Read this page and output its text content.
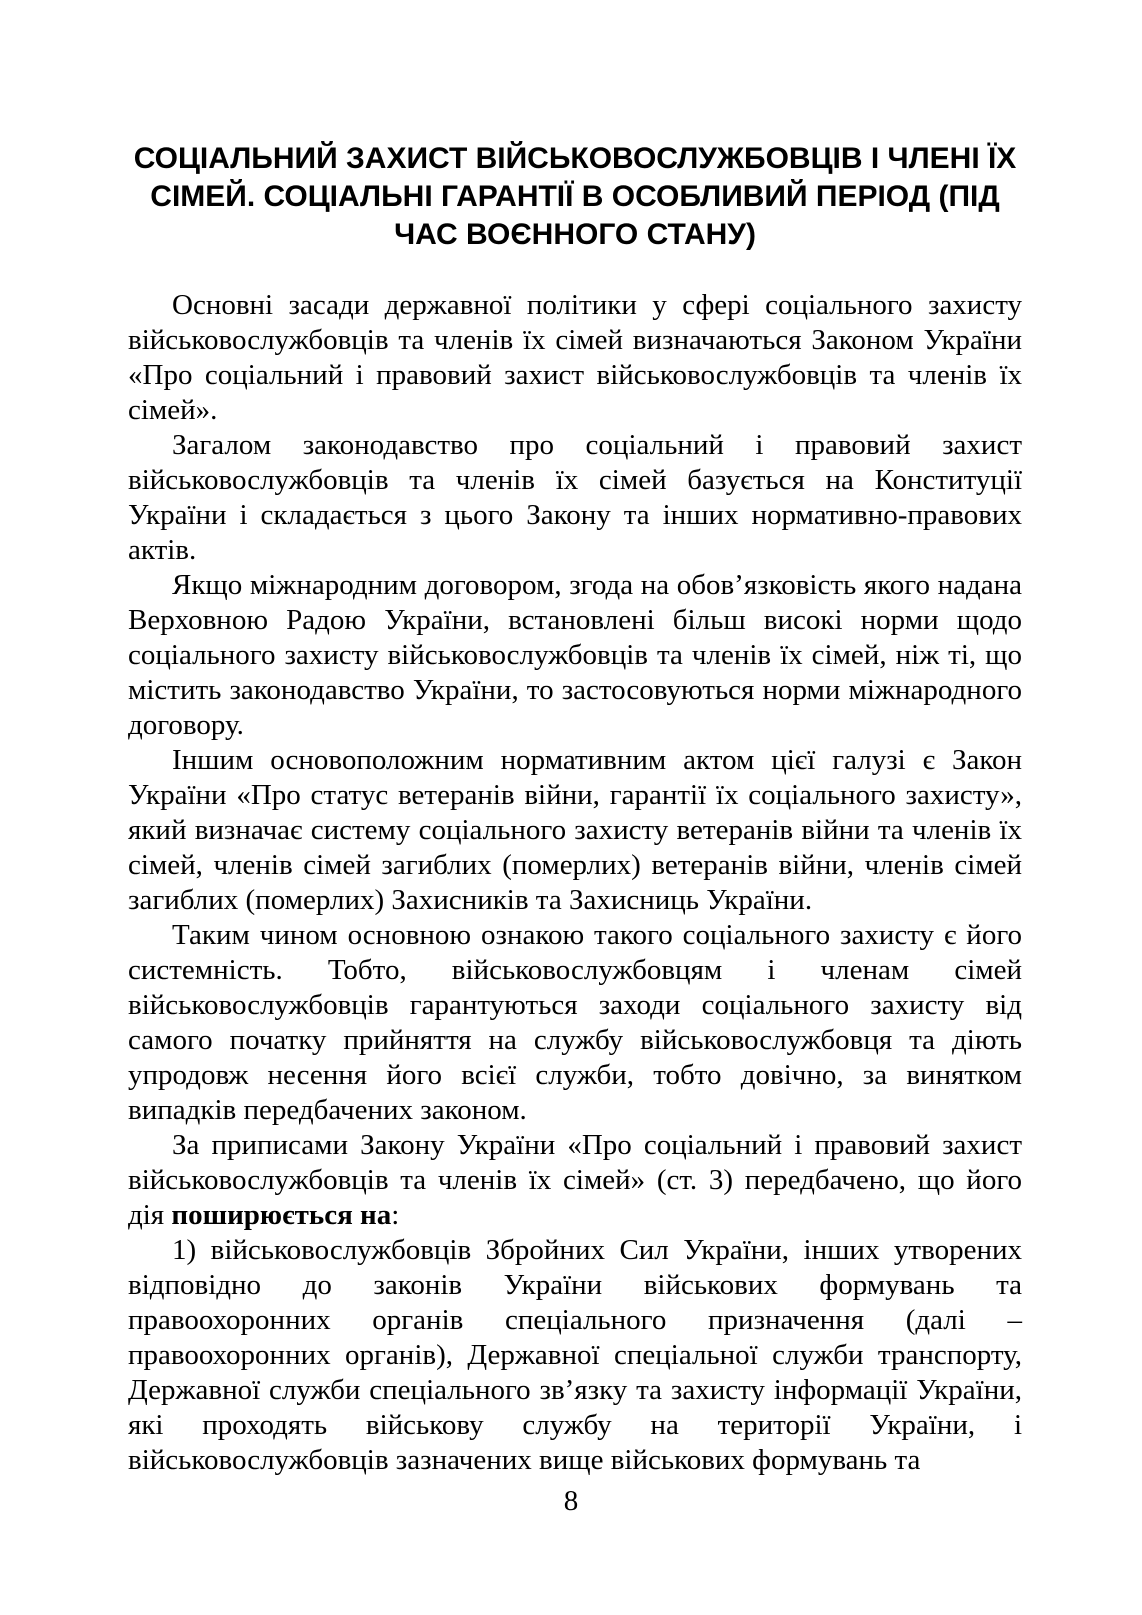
СОЦІАЛЬНИЙ ЗАХИСТ ВІЙСЬКОВОСЛУЖБОВЦІВ І ЧЛЕНІ ЇХ СІМЕЙ. СОЦІАЛЬНІ ГАРАНТІЇ В ОСОБЛИВИЙ ПЕРІОД (ПІД ЧАС ВОЄННОГО СТАНУ)

Основні засади державної політики у сфері соціального захисту військовослужбовців та членів їх сімей визначаються Законом України «Про соціальний і правовий захист військовослужбовців та членів їх сімей».

Загалом законодавство про соціальний і правовий захист військовослужбовців та членів їх сімей базується на Конституції України і складається з цього Закону та інших нормативно-правових актів.

Якщо міжнародним договором, згода на обов’язковість якого надана Верховною Радою України, встановлені більш високі норми щодо соціального захисту військовослужбовців та членів їх сімей, ніж ті, що містить законодавство України, то застосовуються норми міжнародного договору.

Іншим основоположним нормативним актом цієї галузі є Закон України «Про статус ветеранів війни, гарантії їх соціального захисту», який визначає систему соціального захисту ветеранів війни та членів їх сімей, членів сімей загиблих (померлих) ветеранів війни, членів сімей загиблих (померлих) Захисників та Захисниць України.

Таким чином основною ознакою такого соціального захисту є його системність. Тобто, військовослужбовцям і членам сімей військовослужбовців гарантуються заходи соціального захисту від самого початку прийняття на службу військовослужбовця та діють упродовж несення його всієї служби, тобто довічно, за винятком випадків передбачених законом.

За приписами Закону України «Про соціальний і правовий захист військовослужбовців та членів їх сімей» (ст. 3) передбачено, що його дія поширюється на:

1) військовослужбовців Збройних Сил України, інших утворених відповідно до законів України військових формувань та правоохоронних органів спеціального призначення (далі – правоохоронних органів), Державної спеціальної служби транспорту, Державної служби спеціального зв’язку та захисту інформації України, які проходять військову службу на території України, і військовослужбовців зазначених вище військових формувань та

8
